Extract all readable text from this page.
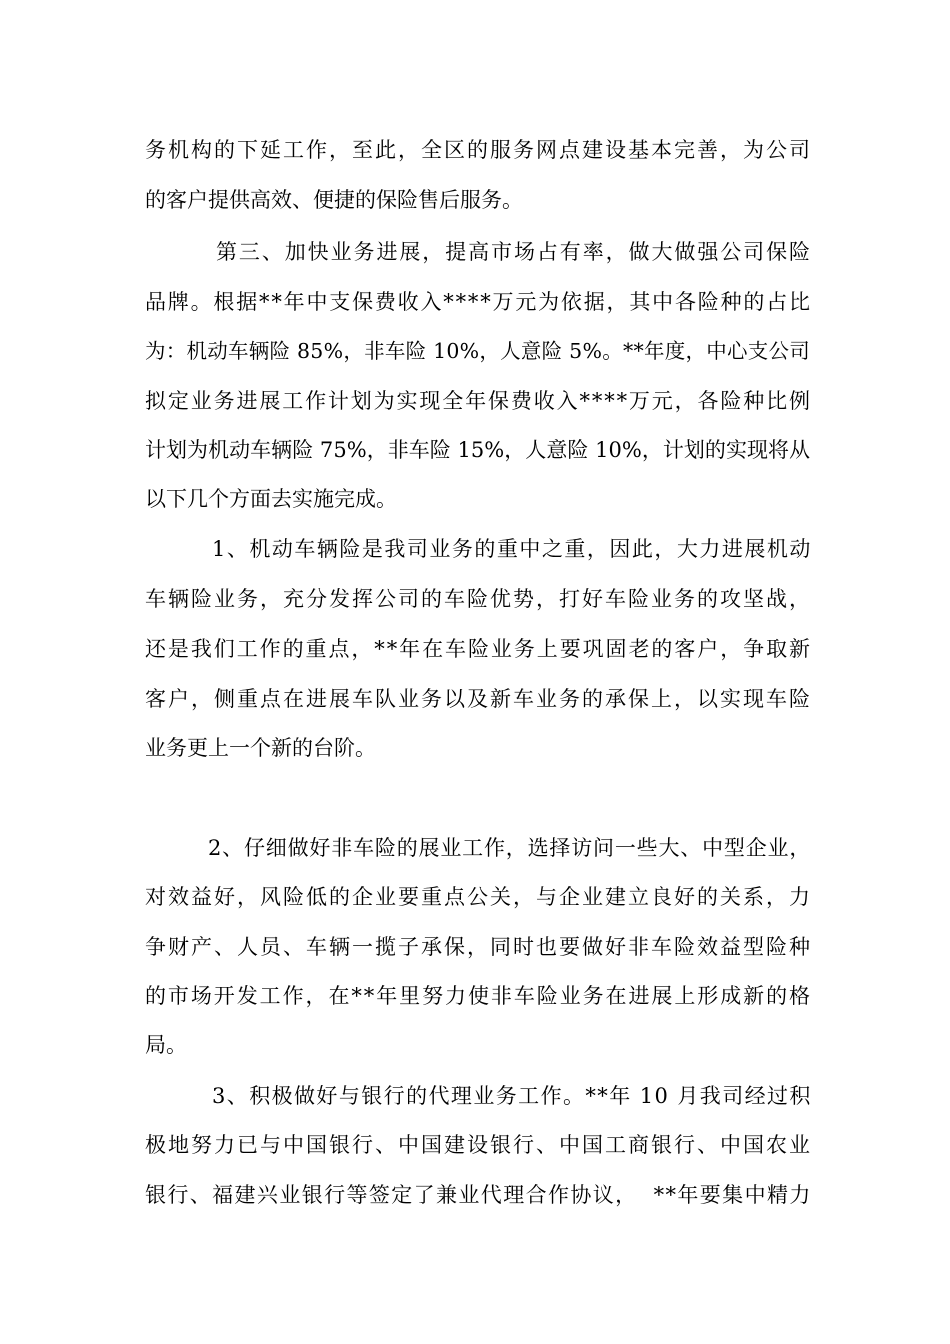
务机构的下延工作，至此，全区的服务网点建设基本完善，为公司
的客户提供高效、便捷的保险售后服务。
第三、加快业务进展，提高市场占有率，做大做强公司保险
品牌。根据**年中支保费收入****万元为依据，其中各险种的占比
为：机动车辆险 85%，非车险 10%，人意险 5%。**年度，中心支公司
拟定业务进展工作计划为实现全年保费收入****万元，各险种比例
计划为机动车辆险 75%，非车险 15%，人意险 10%，计划的实现将从
以下几个方面去实施完成。
1、机动车辆险是我司业务的重中之重，因此，大力进展机动
车辆险业务，充分发挥公司的车险优势，打好车险业务的攻坚战，
还是我们工作的重点，**年在车险业务上要巩固老的客户，争取新
客户，侧重点在进展车队业务以及新车业务的承保上，以实现车险
业务更上一个新的台阶。
2、仔细做好非车险的展业工作，选择访问一些大、中型企业，
对效益好，风险低的企业要重点公关，与企业建立良好的关系，力
争财产、人员、车辆一揽子承保，同时也要做好非车险效益型险种
的市场开发工作，在**年里努力使非车险业务在进展上形成新的格
局。
3、积极做好与银行的代理业务工作。**年 10 月我司经过积
极地努力已与中国银行、中国建设银行、中国工商银行、中国农业
银行、福建兴业银行等签定了兼业代理合作协议，  **年要集中精力
